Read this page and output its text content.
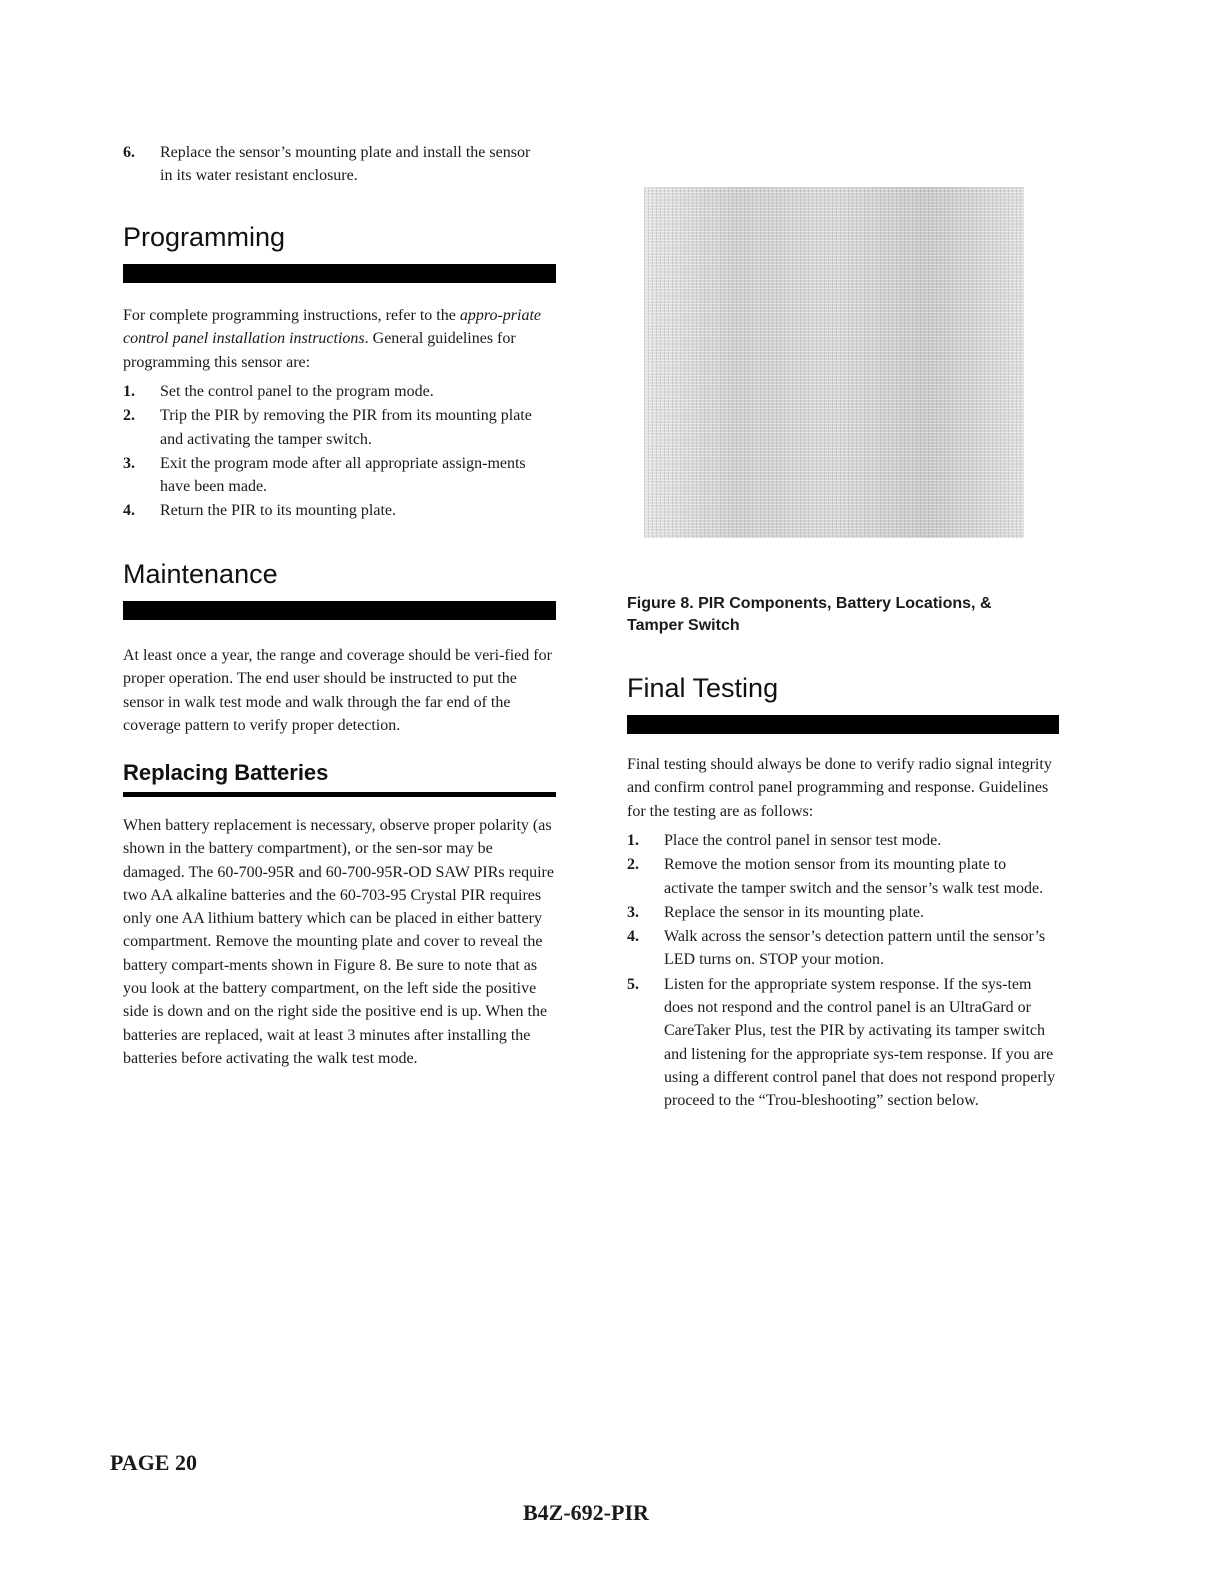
6. Replace the sensor’s mounting plate and install the sensor in its water resistant enclosure.
Programming

For complete programming instructions, refer to the appro-priate control panel installation instructions. General guidelines for programming this sensor are:

1. Set the control panel to the program mode.
2. Trip the PIR by removing the PIR from its mounting plate and activating the tamper switch.
3. Exit the program mode after all appropriate assign-ments have been made.
4. Return the PIR to its mounting plate.
Maintenance

At least once a year, the range and coverage should be veri-fied for proper operation. The end user should be instructed to put the sensor in walk test mode and walk through the far end of the coverage pattern to verify proper detection.

Replacing Batteries

When battery replacement is necessary, observe proper polarity (as shown in the battery compartment), or the sen-sor may be damaged. The 60-700-95R and 60-700-95R-OD SAW PIRs require two AA alkaline batteries and the 60-703-95 Crystal PIR requires only one AA lithium battery which can be placed in either battery compartment. Remove the mounting plate and cover to reveal the battery compart-ments shown in Figure 8. Be sure to note that as you look at the battery compartment, on the left side the positive side is down and on the right side the positive end is up. When the batteries are replaced, wait at least 3 minutes after installing the batteries before activating the walk test mode.

Figure 8. PIR Components, Battery Locations, & Tamper Switch
Final Testing

Final testing should always be done to verify radio signal integrity and confirm control panel programming and response. Guidelines for the testing are as follows:

1. Place the control panel in sensor test mode.
2. Remove the motion sensor from its mounting plate to activate the tamper switch and the sensor’s walk test mode.
3. Replace the sensor in its mounting plate.
4. Walk across the sensor’s detection pattern until the sensor’s LED turns on. STOP your motion.
5. Listen for the appropriate system response. If the sys-tem does not respond and the control panel is an UltraGard or CareTaker Plus, test the PIR by activating its tamper switch and listening for the appropriate sys-tem response. If you are using a different control panel that does not respond properly proceed to the “Trou-bleshooting” section below.
PAGE 20
B4Z-692-PIR
